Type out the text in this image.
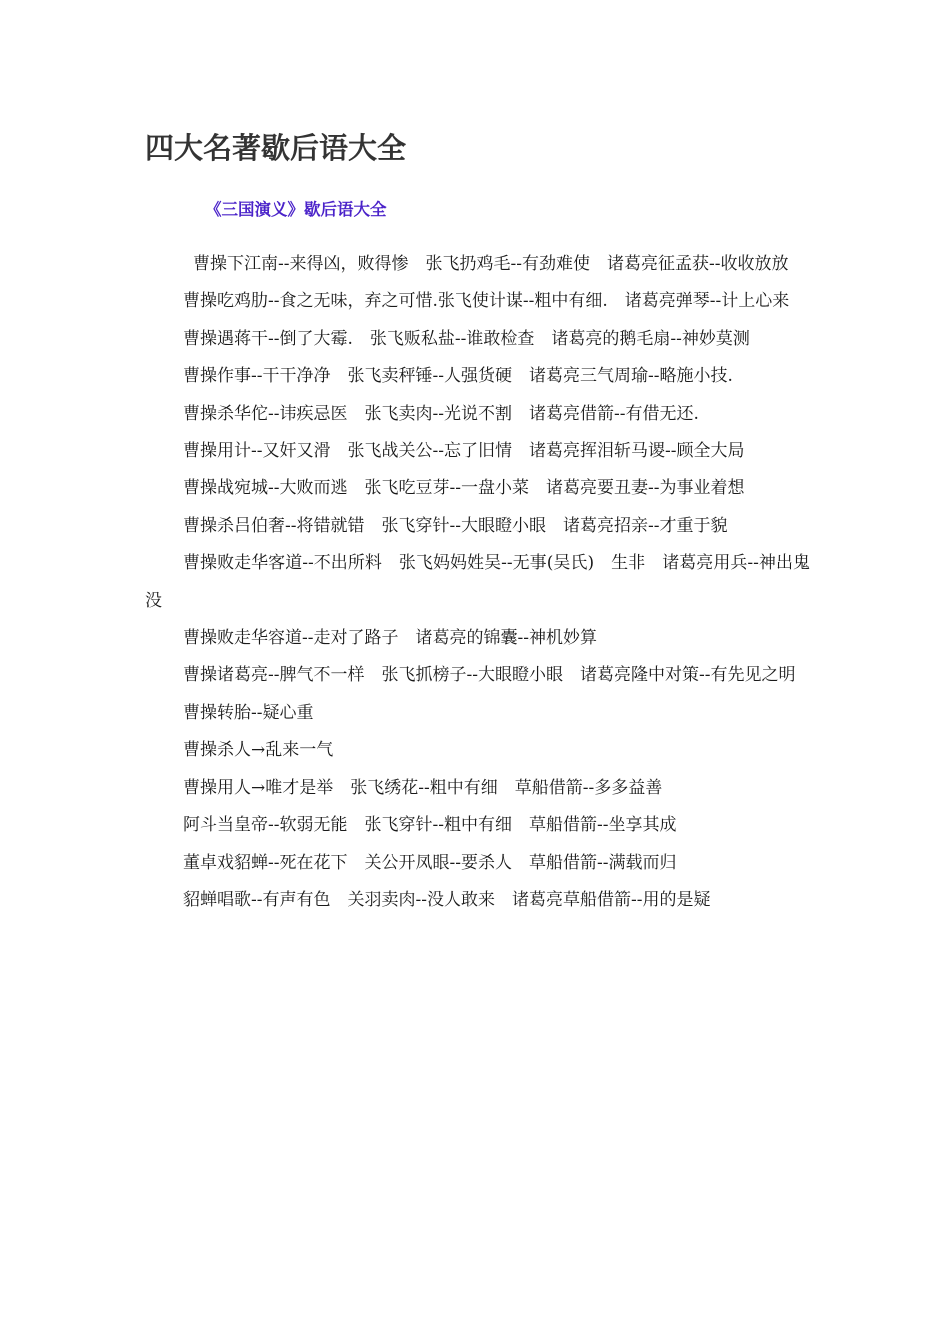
四大名著歇后语大全
《三国演义》歇后语大全

曹操下江南--来得凶，败得惨　张飞扔鸡毛--有劲难使　诸葛亮征孟获--收收放放

曹操吃鸡肋--食之无味，弃之可惜.张飞使计谋--粗中有细.　诸葛亮弹琴--计上心来

曹操遇蒋干--倒了大霉.　张飞贩私盐--谁敢检查　诸葛亮的鹅毛扇--神妙莫测

曹操作事--干干净净　张飞卖秤锤--人强货硬　诸葛亮三气周瑜--略施小技.

曹操杀华佗--讳疾忌医　张飞卖肉--光说不割　诸葛亮借箭--有借无还.

曹操用计--又奸又滑　张飞战关公--忘了旧情　诸葛亮挥泪斩马谡--顾全大局

曹操战宛城--大败而逃　张飞吃豆芽--一盘小菜　诸葛亮要丑妻--为事业着想

曹操杀吕伯奢--将错就错　张飞穿针--大眼瞪小眼　诸葛亮招亲--才重于貌

曹操败走华客道--不出所料　张飞妈妈姓吴--无事(吴氏)　生非　诸葛亮用兵--神出鬼没

曹操败走华容道--走对了路子　诸葛亮的锦囊--神机妙算

曹操诸葛亮--脾气不一样　张飞抓榜子--大眼瞪小眼　诸葛亮隆中对策--有先见之明

曹操转胎--疑心重

曹操杀人→乱来一气

曹操用人→唯才是举　张飞绣花--粗中有细　草船借箭--多多益善

阿斗当皇帝--软弱无能　张飞穿针--粗中有细　草船借箭--坐享其成

董卓戏貂蝉--死在花下　关公开凤眼--要杀人　草船借箭--满载而归

貂蝉唱歌--有声有色　关羽卖肉--没人敢来　诸葛亮草船借箭--用的是疑
